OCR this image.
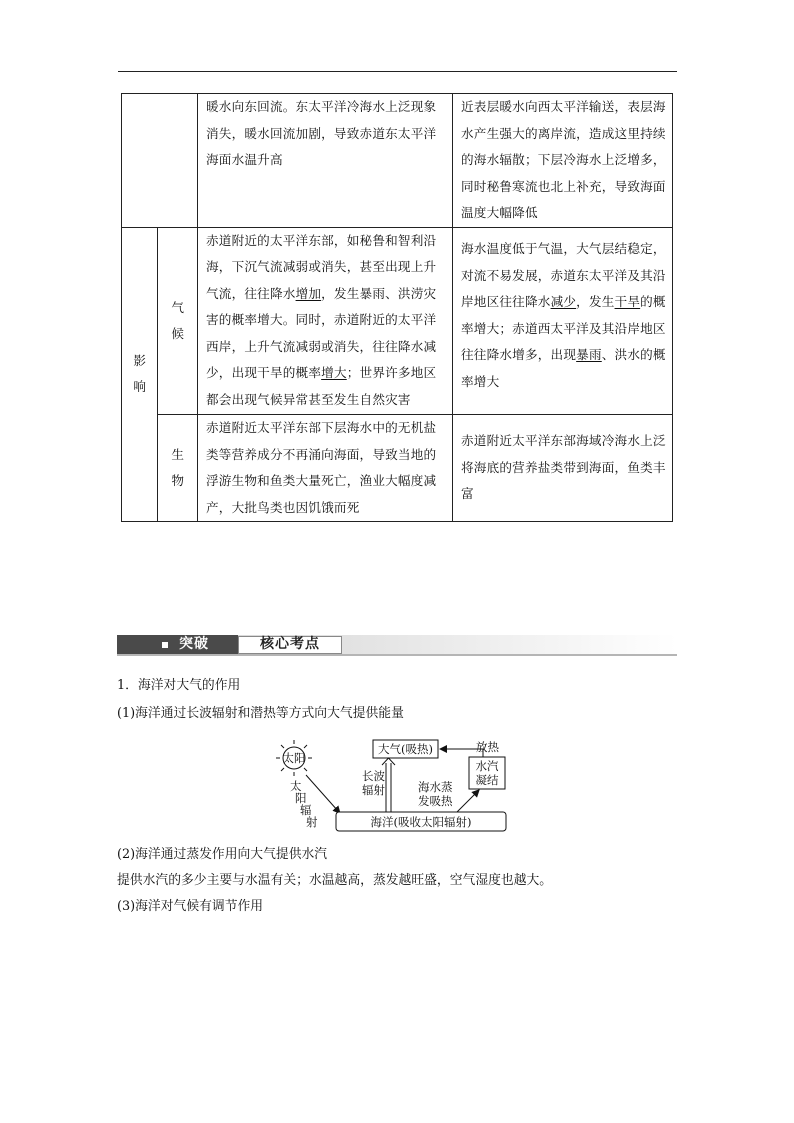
		暖水向东回流。东太平洋冷海水上泛现象消失，暖水回流加剧，导致赤道东太平洋海面水温升高	近表层暖水向西太平洋输送，表层海水产生强大的离岸流，造成这里持续的海水辐散；下层冷海水上泛增多，同时秘鲁寒流也北上补充，导致海面温度大幅降低

影响	气候	赤道附近的太平洋东部，如秘鲁和智利沿海，下沉气流减弱或消失，甚至出现上升气流，往往降水增加，发生暴雨、洪涝灾害的概率增大。同时，赤道附近的太平洋西岸，上升气流减弱或消失，往往降水减少，出现干旱的概率增大；世界许多地区都会出现气候异常甚至发生自然灾害	海水温度低于气温，大气层结稳定，对流不易发展，赤道东太平洋及其沿岸地区往往降水减少，发生干旱的概率增大；赤道西太平洋及其沿岸地区往往降水增多，出现暴雨、洪水的概率增大

	生物	赤道附近太平洋东部下层海水中的无机盐类等营养成分不再涌向海面，导致当地的浮游生物和鱼类大量死亡，渔业大幅度减产，大批鸟类也因饥饿而死	赤道附近太平洋东部海域冷海水上泛将海底的营养盐类带到海面，鱼类丰富
突破	核心考点
1．海洋对大气的作用
(1)海洋通过长波辐射和潜热等方式向大气提供能量
太阳
太
阳
辐
射
大气(吸热)
海洋(吸收太阳辐射)
长波
辐射
水汽
凝结
放热
海水蒸
发吸热
(2)海洋通过蒸发作用向大气提供水汽
提供水汽的多少主要与水温有关；水温越高，蒸发越旺盛，空气湿度也越大。
(3)海洋对气候有调节作用
